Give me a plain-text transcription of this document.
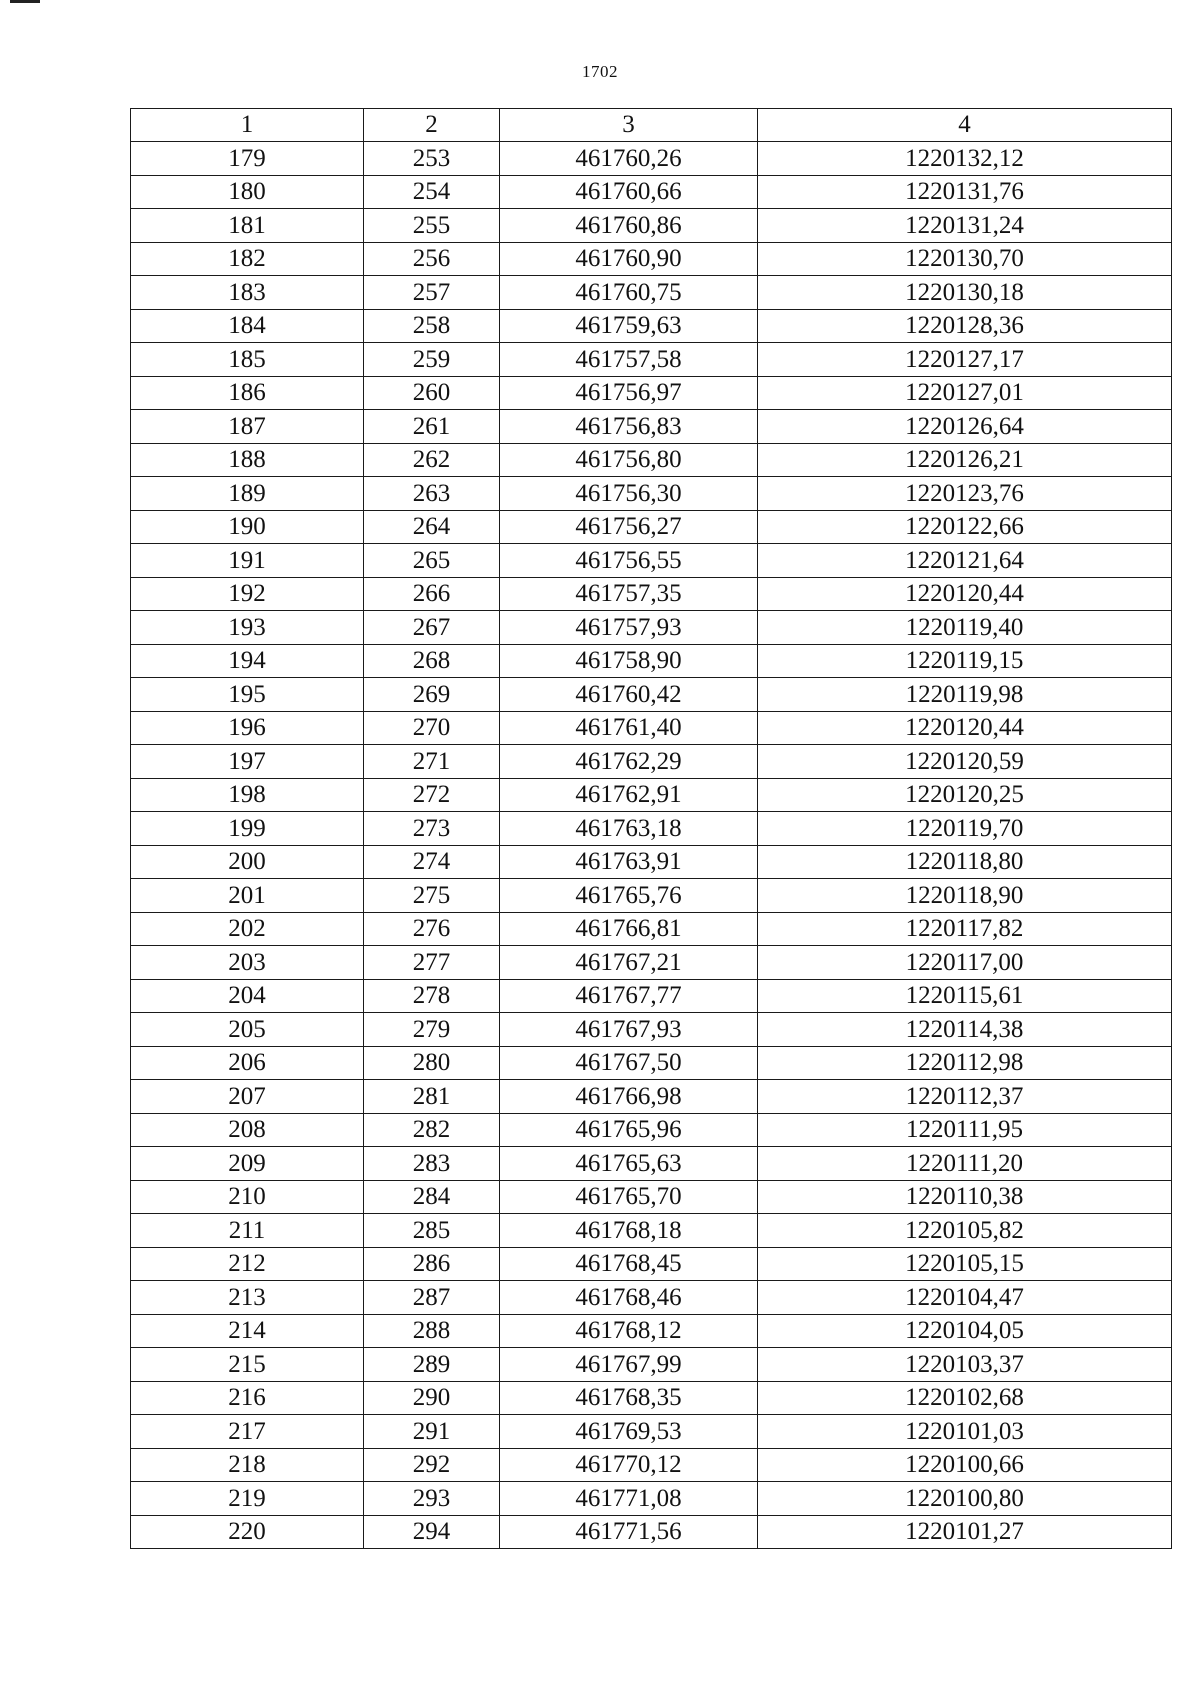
1702
1	2	3	4
179	253	461760,26	1220132,12
180	254	461760,66	1220131,76
181	255	461760,86	1220131,24
182	256	461760,90	1220130,70
183	257	461760,75	1220130,18
184	258	461759,63	1220128,36
185	259	461757,58	1220127,17
186	260	461756,97	1220127,01
187	261	461756,83	1220126,64
188	262	461756,80	1220126,21
189	263	461756,30	1220123,76
190	264	461756,27	1220122,66
191	265	461756,55	1220121,64
192	266	461757,35	1220120,44
193	267	461757,93	1220119,40
194	268	461758,90	1220119,15
195	269	461760,42	1220119,98
196	270	461761,40	1220120,44
197	271	461762,29	1220120,59
198	272	461762,91	1220120,25
199	273	461763,18	1220119,70
200	274	461763,91	1220118,80
201	275	461765,76	1220118,90
202	276	461766,81	1220117,82
203	277	461767,21	1220117,00
204	278	461767,77	1220115,61
205	279	461767,93	1220114,38
206	280	461767,50	1220112,98
207	281	461766,98	1220112,37
208	282	461765,96	1220111,95
209	283	461765,63	1220111,20
210	284	461765,70	1220110,38
211	285	461768,18	1220105,82
212	286	461768,45	1220105,15
213	287	461768,46	1220104,47
214	288	461768,12	1220104,05
215	289	461767,99	1220103,37
216	290	461768,35	1220102,68
217	291	461769,53	1220101,03
218	292	461770,12	1220100,66
219	293	461771,08	1220100,80
220	294	461771,56	1220101,27
